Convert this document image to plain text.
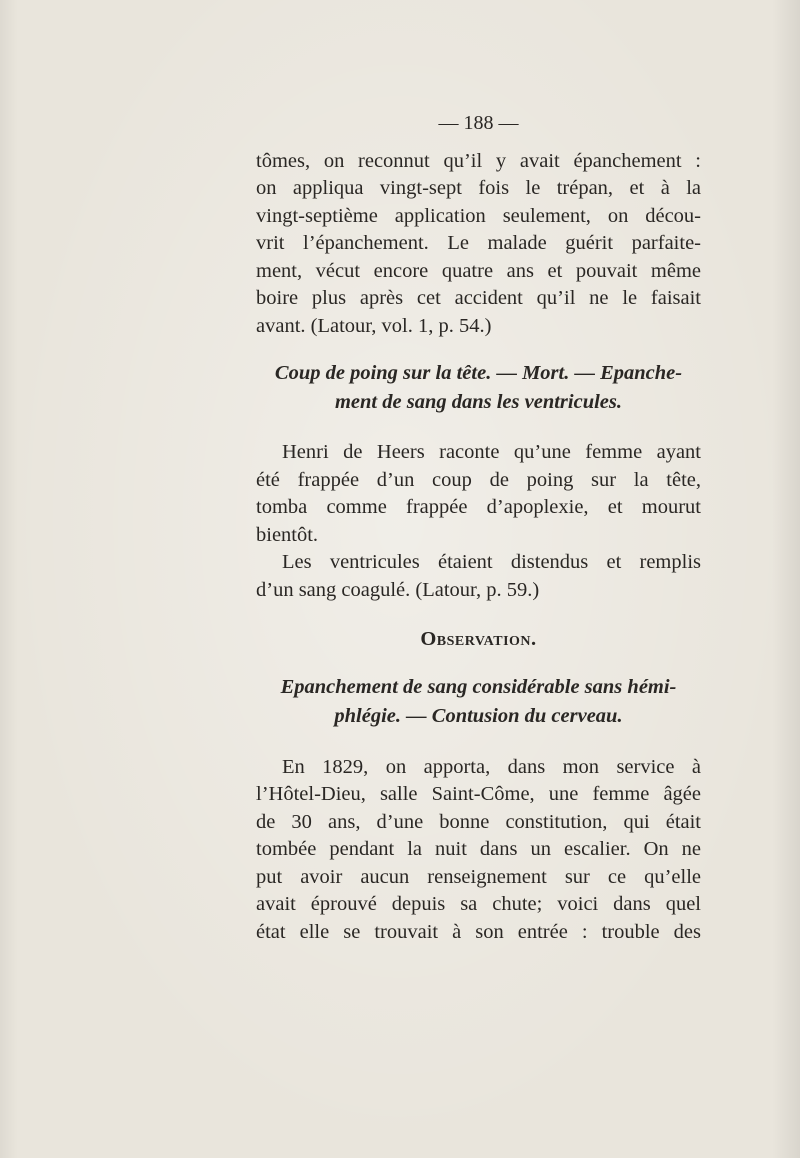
— 188 —

tômes, on reconnut qu’il y avait épanchement :
on appliqua vingt-sept fois le trépan, et à la
vingt-septième application seulement, on décou-
vrit l’épanchement. Le malade guérit parfaite-
ment, vécut encore quatre ans et pouvait même
boire plus après cet accident qu’il ne le faisait
avant. (Latour, vol. 1, p. 54.)

Coup de poing sur la tête. — Mort. — Epanche-ment de sang dans les ventricules.

Henri de Heers raconte qu’une femme ayant
été frappée d’un coup de poing sur la tête,
tomba comme frappée d’apoplexie, et mourut
bientôt.

Les ventricules étaient distendus et remplis
d’un sang coagulé. (Latour, p. 59.)

Observation.

Epanchement de sang considérable sans hémi-phlégie. — Contusion du cerveau.

En 1829, on apporta, dans mon service à
l’Hôtel-Dieu, salle Saint-Côme, une femme âgée
de 30 ans, d’une bonne constitution, qui était
tombée pendant la nuit dans un escalier. On ne
put avoir aucun renseignement sur ce qu’elle
avait éprouvé depuis sa chute; voici dans quel
état elle se trouvait à son entrée : trouble des
